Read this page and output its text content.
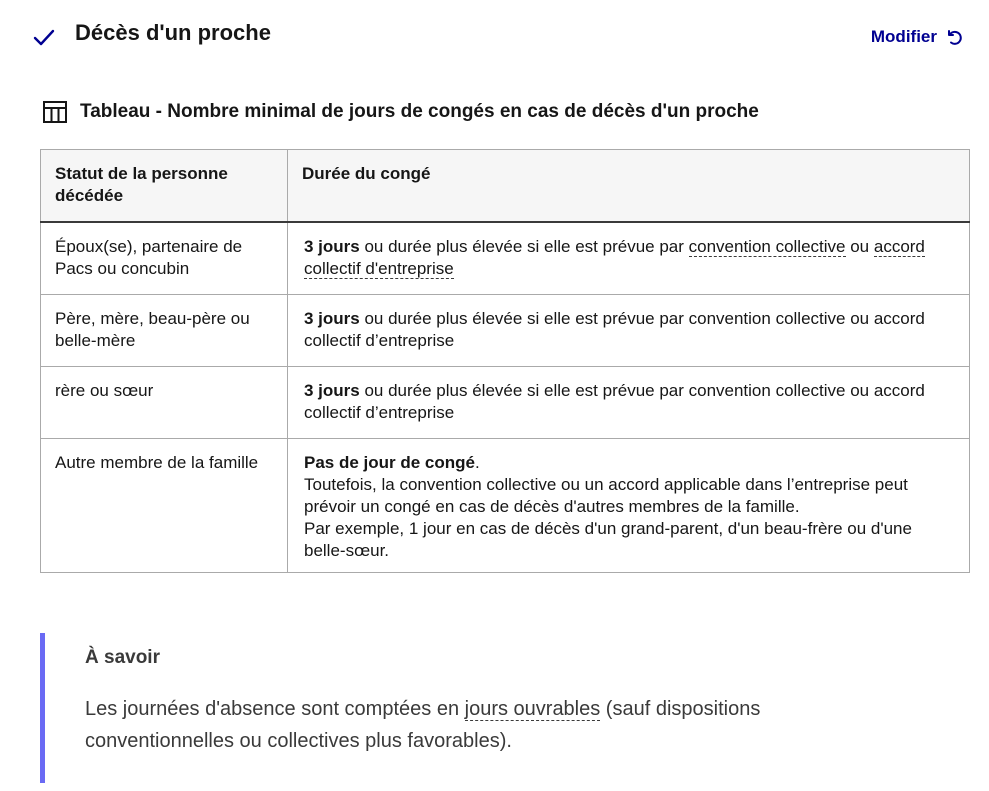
Décès d'un proche	Modifier
Tableau - Nombre minimal de jours de congés en cas de décès d'un proche
Statut de la personne décédée	Durée du congé
Époux(se), partenaire de Pacs ou concubin	3 jours ou durée plus élevée si elle est prévue par convention collective ou accord collectif d'entreprise
Père, mère, beau-père ou belle-mère	3 jours ou durée plus élevée si elle est prévue par convention collective ou accord collectif d’entreprise
rère ou sœur	3 jours ou durée plus élevée si elle est prévue par convention collective ou accord collectif d’entreprise
Autre membre de la famille	Pas de jour de congé.
Toutefois, la convention collective ou un accord applicable dans l’entreprise peut prévoir un congé en cas de décès d'autres membres de la famille.
Par exemple, 1 jour en cas de décès d'un grand-parent, d'un beau-frère ou d'une belle-sœur.
À savoir
Les journées d'absence sont comptées en jours ouvrables (sauf dispositions conventionnelles ou collectives plus favorables).
